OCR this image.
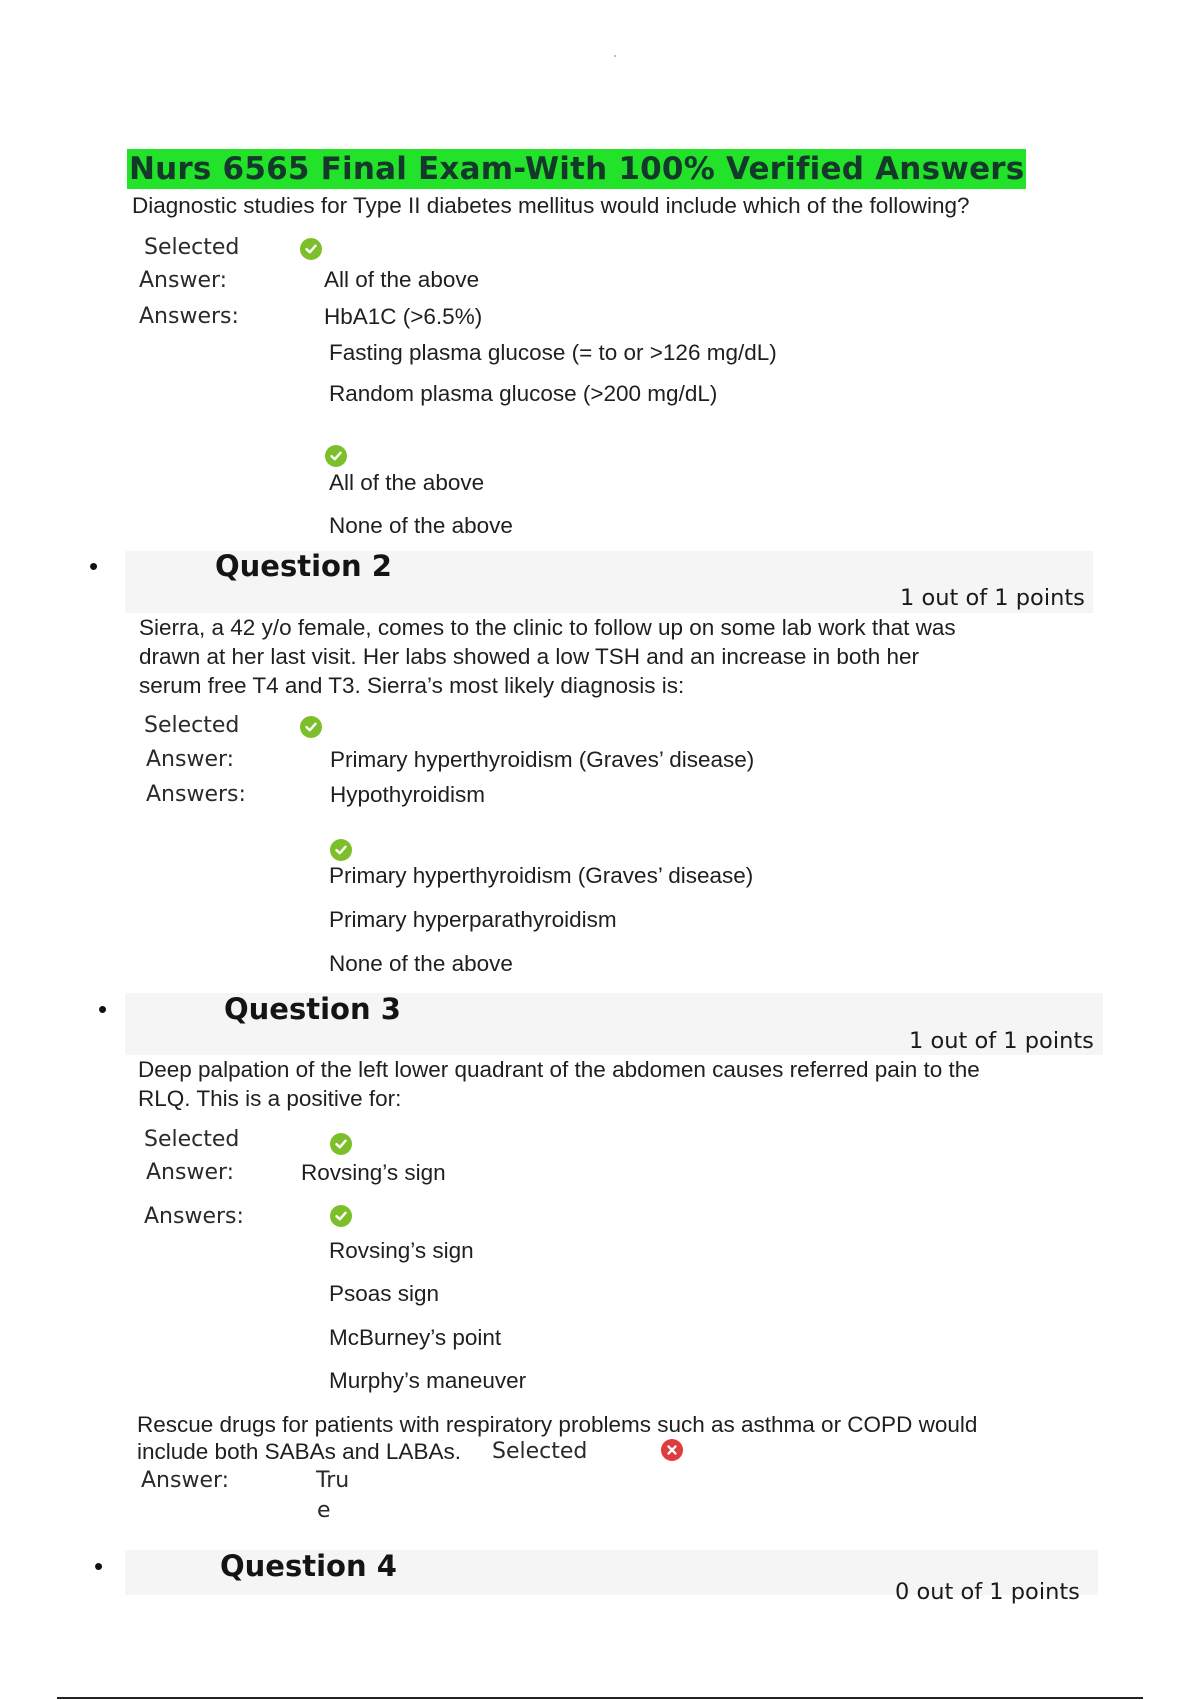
Nurs 6565 Final Exam-With 100% Verified Answers
Diagnostic studies for Type II diabetes mellitus would include which of the following?
Selected
Answer:	All of the above
Answers:	HbA1C (>6.5%)
Fasting plasma glucose (= to or >126 mg/dL)
Random plasma glucose (>200 mg/dL)
All of the above
None of the above
•	Question 2
1 out of 1 points
Sierra, a 42 y/o female, comes to the clinic to follow up on some lab work that was
drawn at her last visit. Her labs showed a low TSH and an increase in both her
serum free T4 and T3. Sierra’s most likely diagnosis is:
Selected
Answer:	Primary hyperthyroidism (Graves’ disease)
Answers:	Hypothyroidism
Primary hyperthyroidism (Graves’ disease)
Primary hyperparathyroidism
None of the above
•	Question 3
1 out of 1 points
Deep palpation of the left lower quadrant of the abdomen causes referred pain to the
RLQ. This is a positive for:
Selected
Answer:	Rovsing’s sign
Answers:
Rovsing’s sign
Psoas sign
McBurney’s point
Murphy’s maneuver
Rescue drugs for patients with respiratory problems such as asthma or COPD would
include both SABAs and LABAs. Selected
Answer:	Tru
e
•	Question 4
0 out of 1 points
